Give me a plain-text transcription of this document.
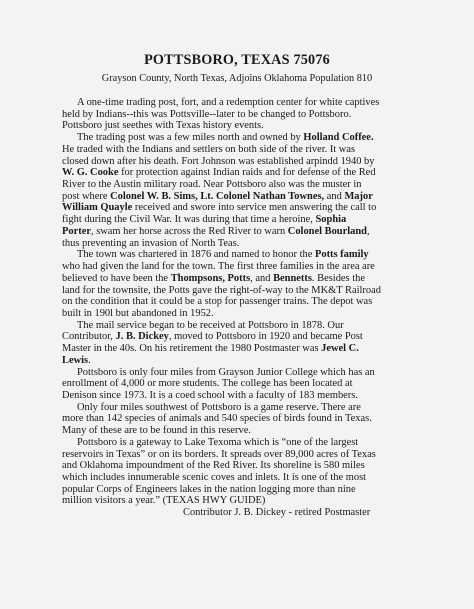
POTTSBORO, TEXAS 75076
Grayson County, North Texas, Adjoins Oklahoma Population 810
A one-time trading post, fort, and a redemption center for white captives
held by Indians--this was Pottsville--later to be changed to Pottsboro.
Pottsboro just seethes with Texas history events.
The trading post was a few miles north and owned by Holland Coffee.
He traded with the Indians and settlers on both side of the river. It was
closed down after his death. Fort Johnson was established arpindd 1940 by
W. G. Cooke for protection against Indian raids and for defense of the Red
River to the Austin military road. Near Pottsboro also was the muster in
post where Colonel W. B. Sims, Lt. Colonel Nathan Townes, and Major
William Quayle received and swore into service men answering the call to
fight during the Civil War. It was during that time a heroine, Sophia
Porter, swam her horse across the Red River to warn Colonel Bourland,
thus preventing an invasion of North Teas.
The town was chartered in 1876 and named to honor the Potts family
who had given the land for the town. The first three families in the area are
believed to have been the Thompsons, Potts, and Bennetts. Besides the
land for the townsite, the Potts gave the right-of-way to the MK&T Railroad
on the condition that it could be a stop for passenger trains. The depot was
built in 190l but abandoned in 1952.
The mail service began to be received at Pottsboro in 1878. Our
Contributor, J. B. Dickey, moved to Pottsboro in 1920 and became Post
Master in the 40s. On his retirement the 1980 Postmaster was Jewel C.
Lewis.
Pottsboro is only four miles from Grayson Junior College which has an
enrollment of 4,000 or more students. The college has been located at
Denison since 1973. It is a coed school with a faculty of 183 members.
Only four miles southwest of Pottsboro is a game reserve. There are
more than 142 species of animals and 540 species of birds found in Texas.
Many of these are to be found in this reserve.
Pottsboro is a gateway to Lake Texoma which is “one of the largest
reservoirs in Texas” or on its borders. It spreads over 89,000 acres of Texas
and Oklahoma impoundment of the Red River. Its shoreline is 580 miles
which includes innumerable scenic coves and inlets. It is one of the most
popular Corps of Engineers lakes in the nation logging more than nine
million visitors a year.” (TEXAS HWY GUIDE)
Contributor J. B. Dickey - retired Postmaster
